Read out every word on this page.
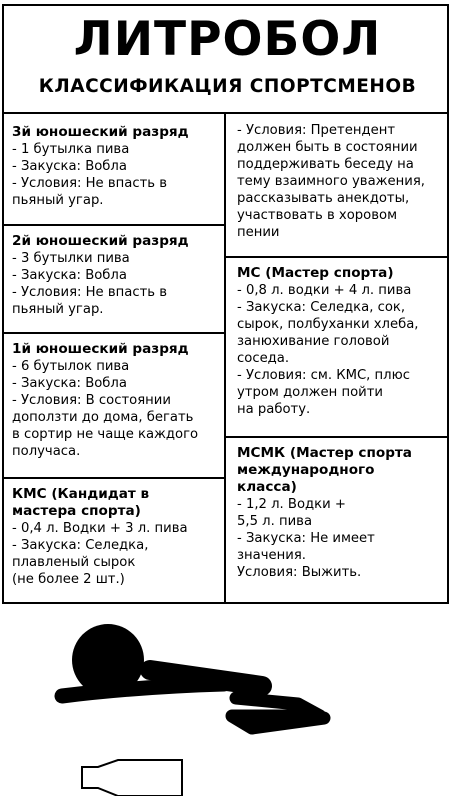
ЛИТРОБОЛ
КЛАССИФИКАЦИЯ СПОРТСМЕНОВ
3й юношеский разряд
- 1 бутылка пива
- Закуска: Вобла
- Условия: Не впасть в
пьяный угар.
2й юношеский разряд
- 3 бутылки пива
- Закуска: Вобла
- Условия: Не впасть в
пьяный угар.
1й юношеский разряд
- 6 бутылок пива
- Закуска: Вобла
- Условия: В состоянии
доползти до дома, бегать
в сортир не чаще каждого
получаса.
КМС (Кандидат в
мастера спорта)
- 0,4 л. Водки + 3 л. пива
- Закуска: Селедка,
плавленый сырок
(не более 2 шт.)
- Условия: Претендент
должен быть в состоянии
поддерживать беседу на
тему взаимного уважения,
рассказывать анекдоты,
участвовать в хоровом
пении
МС (Мастер спорта)
- 0,8 л. водки + 4 л. пива
- Закуска: Селедка, сок,
сырок, полбуханки хлеба,
занюхивание головой
соседа.
- Условия: см. КМС, плюс
утром должен пойти
на работу.
МСМК (Мастер спорта
международного
класса)
- 1,2 л. Водки +
5,5 л. пива
- Закуска: Не имеет
значения.
Условия: Выжить.
